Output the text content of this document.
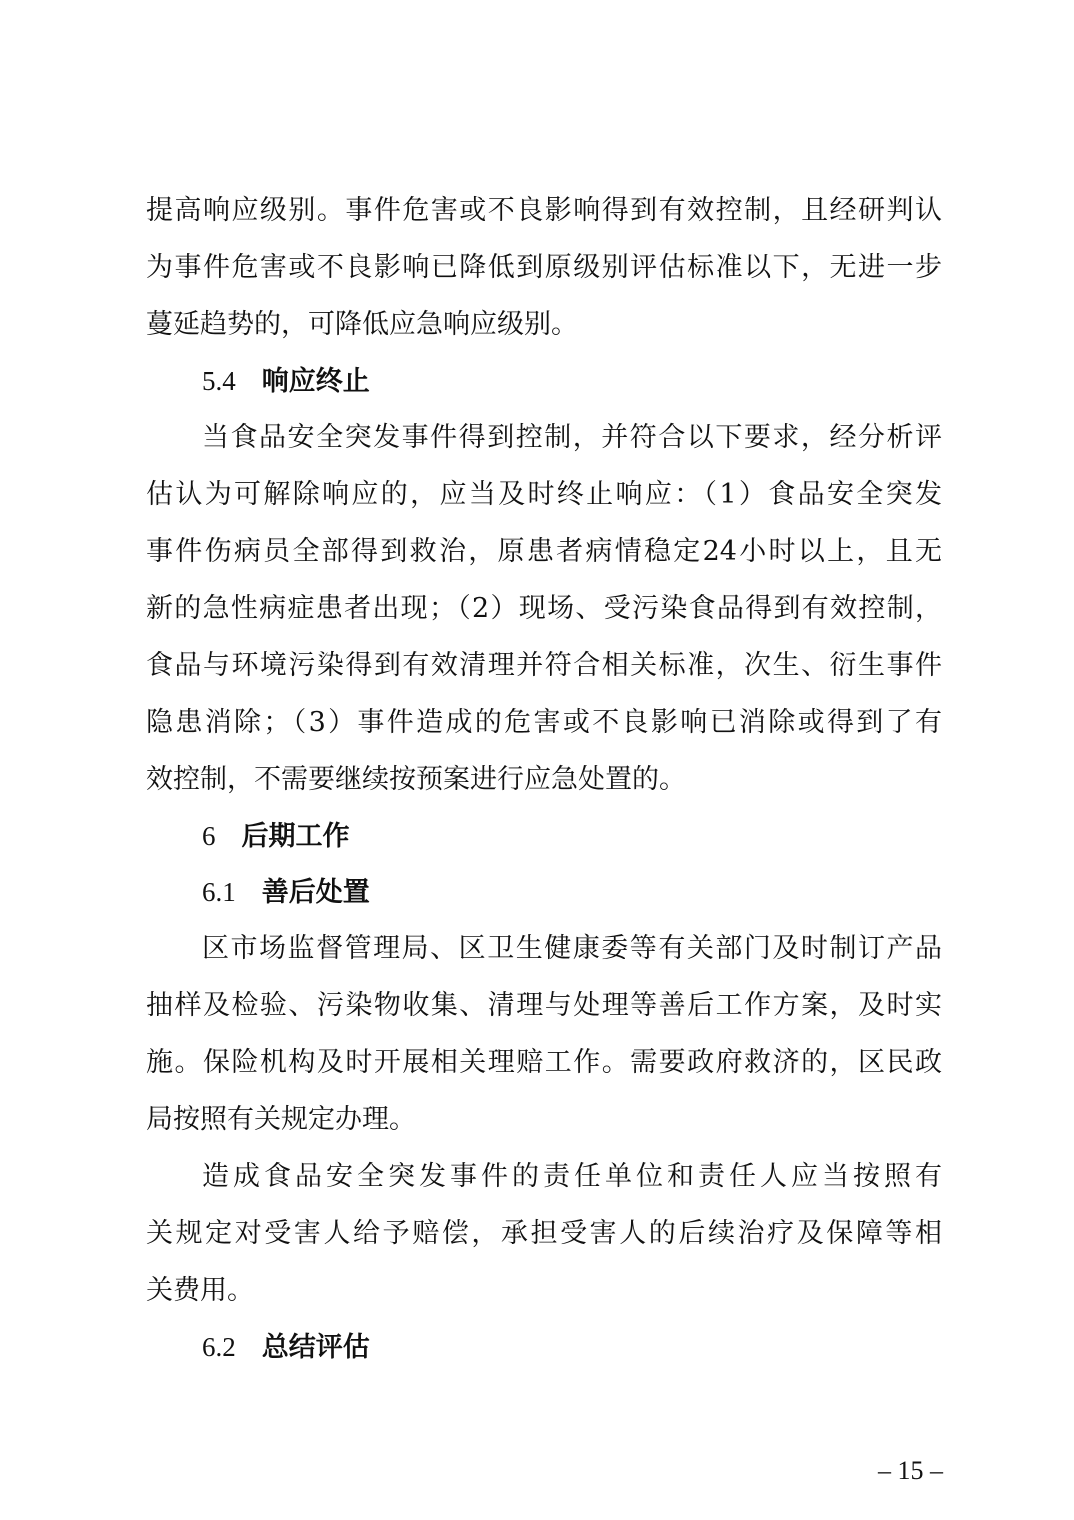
提高响应级别。事件危害或不良影响得到有效控制，且经研判认
为事件危害或不良影响已降低到原级别评估标准以下，无进一步
蔓延趋势的，可降低应急响应级别。
5.4 响应终止
当食品安全突发事件得到控制，并符合以下要求，经分析评
估认为可解除响应的，应当及时终止响应：（1）食品安全突发
事件伤病员全部得到救治，原患者病情稳定24小时以上，且无
新的急性病症患者出现；（2）现场、受污染食品得到有效控制，
食品与环境污染得到有效清理并符合相关标准，次生、衍生事件
隐患消除；（3）事件造成的危害或不良影响已消除或得到了有
效控制，不需要继续按预案进行应急处置的。
6 后期工作
6.1 善后处置
区市场监督管理局、区卫生健康委等有关部门及时制订产品
抽样及检验、污染物收集、清理与处理等善后工作方案，及时实
施。保险机构及时开展相关理赔工作。需要政府救济的，区民政
局按照有关规定办理。
造成食品安全突发事件的责任单位和责任人应当按照有
关规定对受害人给予赔偿，承担受害人的后续治疗及保障等相
关费用。
6.2 总结评估
– 15 –
